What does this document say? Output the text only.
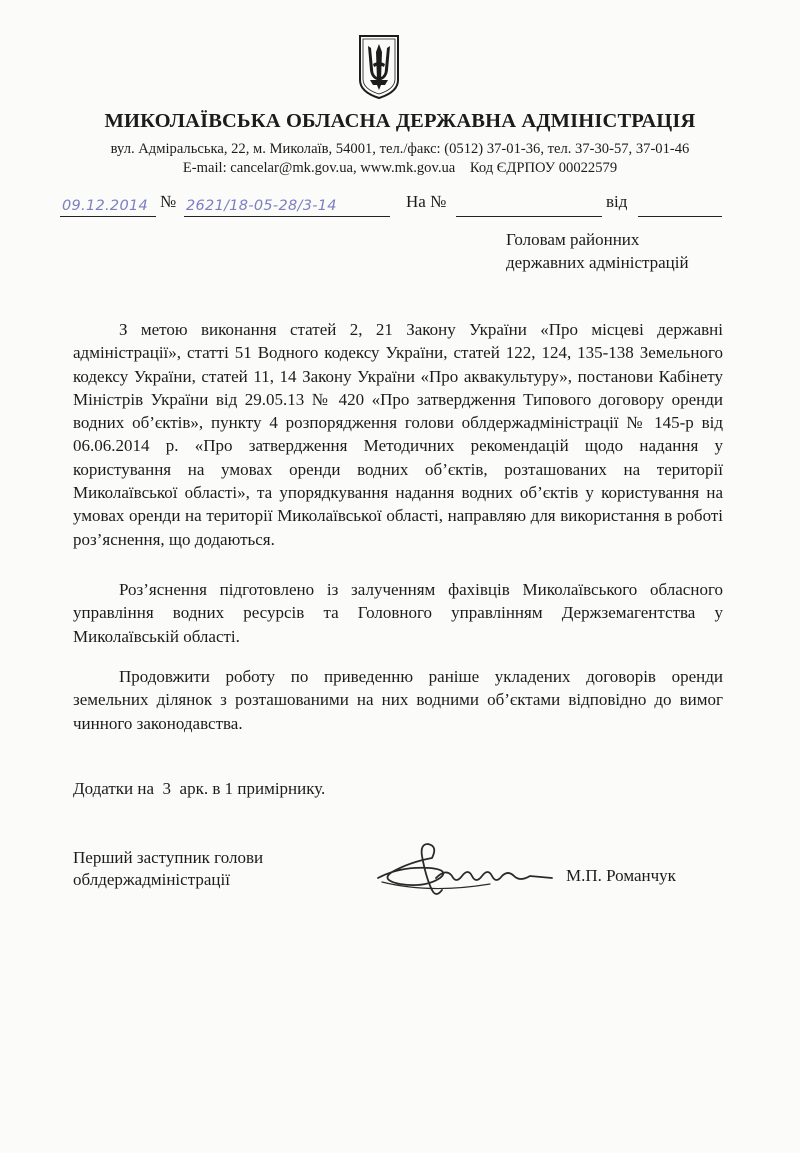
МИКОЛАЇВСЬКА ОБЛАСНА ДЕРЖАВНА АДМІНІСТРАЦІЯ
вул. Адміральська, 22, м. Миколаїв, 54001, тел./факс: (0512) 37-01-36, тел. 37-30-57, 37-01-46
E-mail: cancelar@mk.gov.ua, www.mk.gov.ua    Код ЄДРПОУ 00022579
09.12.2014 № 2621/18-05-28/3-14	На №	від
Головам районних
державних адміністрацій

З метою виконання статей 2, 21 Закону України «Про місцеві державні адміністрації», статті 51 Водного кодексу України, статей 122, 124, 135-138 Земельного кодексу України, статей 11, 14 Закону України «Про аквакультуру», постанови Кабінету Міністрів України від 29.05.13 № 420 «Про затвердження Типового договору оренди водних об’єктів», пункту 4 розпорядження голови облдержадміністрації № 145-р від 06.06.2014 р. «Про затвердження Методичних рекомендацій щодо надання у користування на умовах оренди водних об’єктів, розташованих на території Миколаївської області», та упорядкування надання водних об’єктів у користування на умовах оренди на території Миколаївської області, направляю для використання в роботі роз’яснення, що додаються.

Роз’яснення підготовлено із залученням фахівців Миколаївського обласного управління водних ресурсів та Головного управлінням Держземагентства у Миколаївській області.

Продовжити роботу по приведенню раніше укладених договорів оренди земельних ділянок з розташованими на них водними об’єктами відповідно до вимог чинного законодавства.

Додатки на  3  арк. в 1 примірнику.
Перший заступник голови
облдержадміністрації	М.П. Романчук
